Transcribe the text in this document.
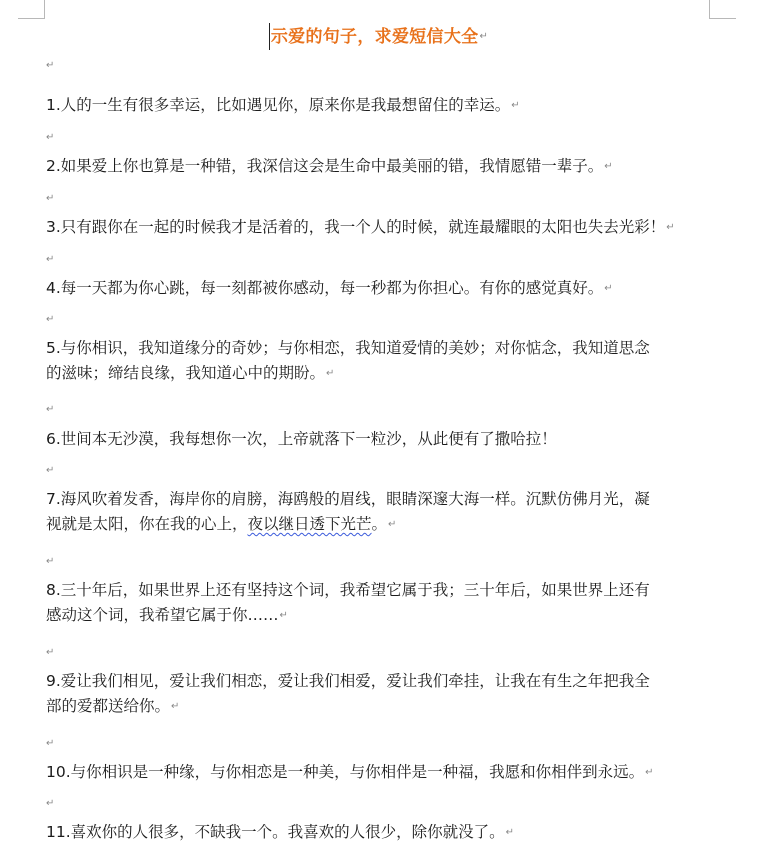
示爱的句子，求爱短信大全↵
↵
1.人的一生有很多幸运，比如遇见你，原来你是我最想留住的幸运。↵
↵
2.如果爱上你也算是一种错，我深信这会是生命中最美丽的错，我情愿错一辈子。↵
↵
3.只有跟你在一起的时候我才是活着的，我一个人的时候，就连最耀眼的太阳也失去光彩！↵
↵
4.每一天都为你心跳，每一刻都被你感动，每一秒都为你担心。有你的感觉真好。↵
↵
5.与你相识，我知道缘分的奇妙；与你相恋，我知道爱情的美妙；对你惦念，我知道思念
的滋味；缔结良缘，我知道心中的期盼。↵
↵
6.世间本无沙漠，我每想你一次，上帝就落下一粒沙，从此便有了撒哈拉！
↵
7.海风吹着发香，海岸你的肩膀，海鸥般的眉线，眼睛深邃大海一样。沉默仿佛月光，凝
视就是太阳，你在我的心上，夜以继日透下光芒。↵
↵
8.三十年后，如果世界上还有坚持这个词，我希望它属于我；三十年后，如果世界上还有
感动这个词，我希望它属于你……↵
↵
9.爱让我们相见，爱让我们相恋，爱让我们相爱，爱让我们牵挂，让我在有生之年把我全
部的爱都送给你。↵
↵
10.与你相识是一种缘，与你相恋是一种美，与你相伴是一种福，我愿和你相伴到永远。↵
↵
11.喜欢你的人很多，不缺我一个。我喜欢的人很少，除你就没了。↵
